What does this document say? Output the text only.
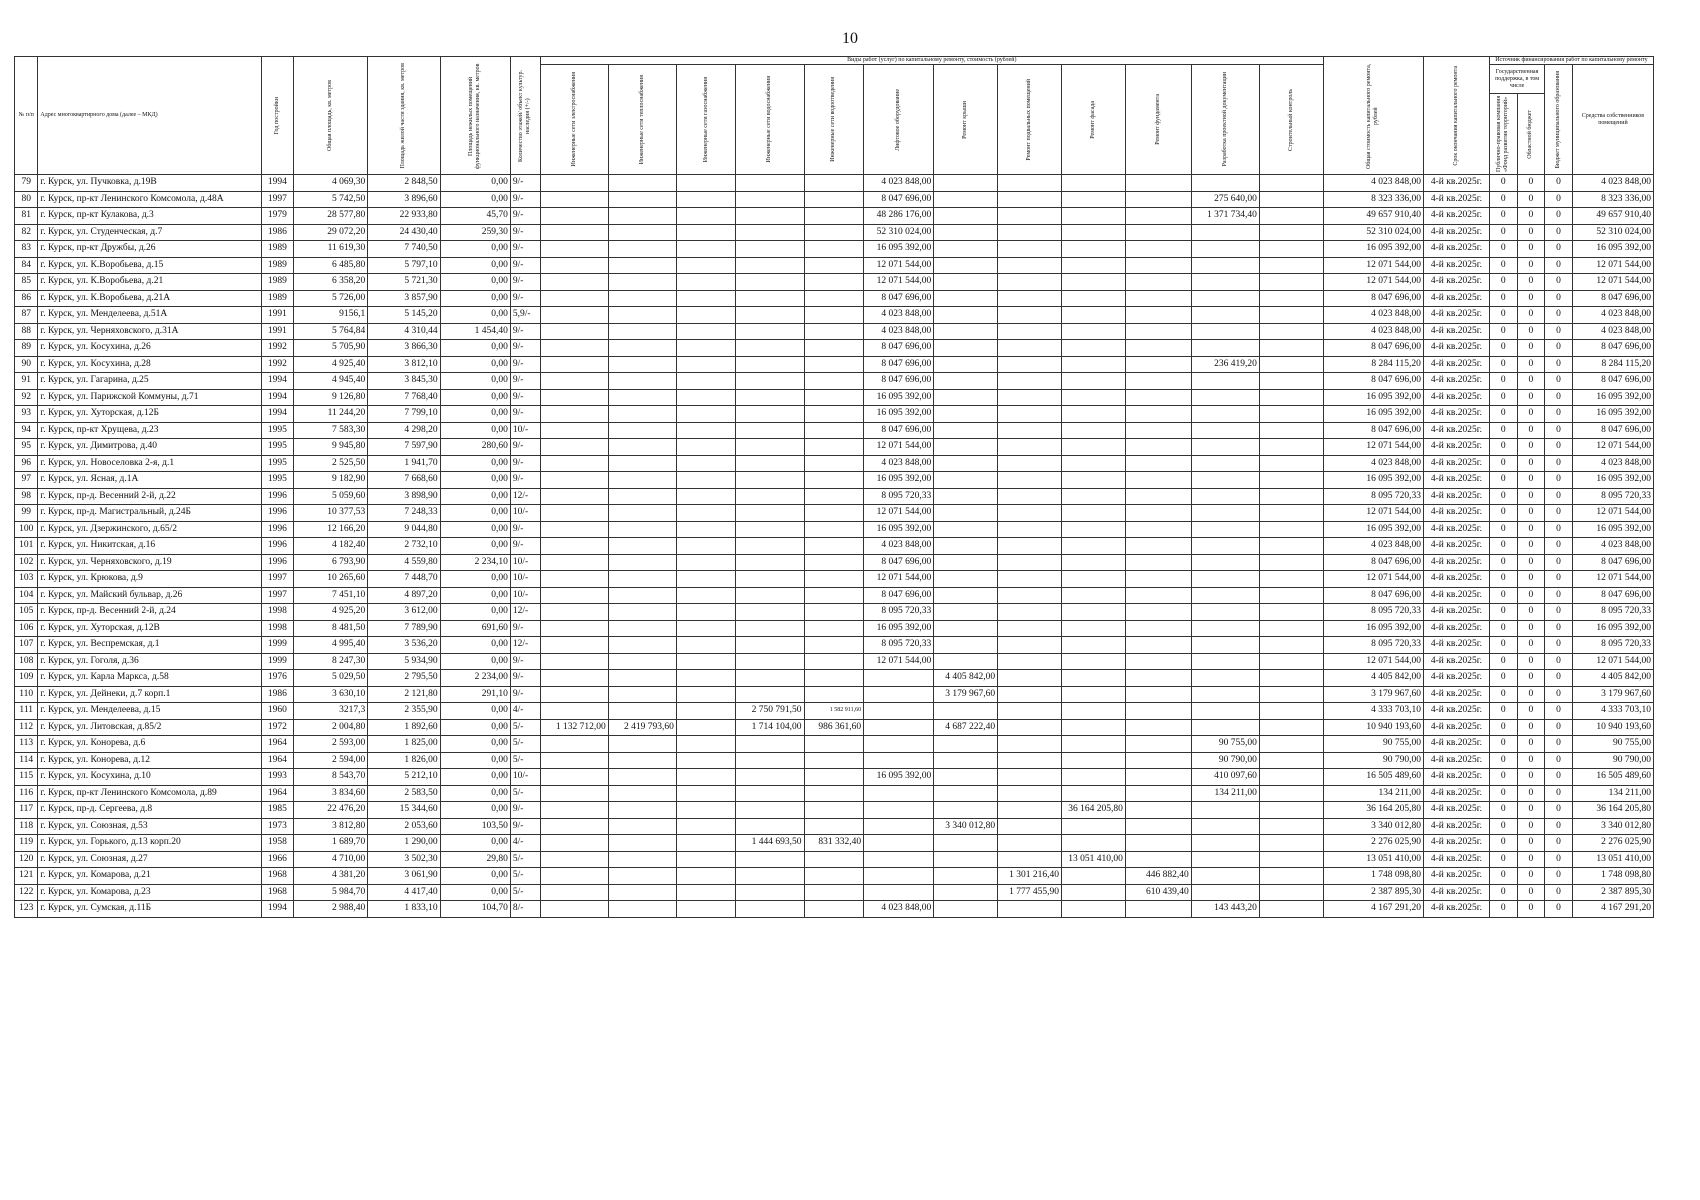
10
№ п/п	Адрес многоквартирного дома (далее – МКД)	Год постройки	Общая площадь, кв. метров	Площадь жилой части здания, кв. метров	Площадь нежилых помещений функционального назначения, кв. метров	Количество этажей/ объект культур. наследия (+/-)	Виды работ (услуг) по капитальному ремонту, стоимость (рублей)												Общая стоимость капитального ремонта, рублей	Срок окончания капитального ремонта	Источник финансирования работ по капитальному ремонту			

							Инженерные сети электроснабжения	Инженерные сети теплоснабжения	Инженерные сети газоснабжения	Инженерные сети водоснабжения	Инженерные сети водоотведения	Лифтовое оборудование	Ремонт крыши	Ремонт подвальных помещений	Ремонт фасада	Ремонт фундамента	Разработка проектной документации	Строительный контроль			Государственная поддержка, в том числе		Бюджет муниципального образования	Средства собственников помещений

																					Публично-правовая компания «Фонд развития территорий»	Областной бюджет		

79	г. Курск, ул. Пучковка, д.19В	1994	4 069,30	2 848,50	0,00	9/-						4 023 848,00							4 023 848,00	4-й кв.2025г.	0	0	0	4 023 848,00
80	г. Курск, пр-кт Ленинского Комсомола, д.48А	1997	5 742,50	3 896,60	0,00	9/-						8 047 696,00					275 640,00		8 323 336,00	4-й кв.2025г.	0	0	0	8 323 336,00
81	г. Курск, пр-кт Кулакова, д.3	1979	28 577,80	22 933,80	45,70	9/-						48 286 176,00					1 371 734,40		49 657 910,40	4-й кв.2025г.	0	0	0	49 657 910,40
82	г. Курск, ул. Студенческая, д.7	1986	29 072,20	24 430,40	259,30	9/-						52 310 024,00							52 310 024,00	4-й кв.2025г.	0	0	0	52 310 024,00
83	г. Курск, пр-кт Дружбы, д.26	1989	11 619,30	7 740,50	0,00	9/-						16 095 392,00							16 095 392,00	4-й кв.2025г.	0	0	0	16 095 392,00
84	г. Курск, ул. К.Воробьева, д.15	1989	6 485,80	5 797,10	0,00	9/-						12 071 544,00							12 071 544,00	4-й кв.2025г.	0	0	0	12 071 544,00
85	г. Курск, ул. К.Воробьева, д.21	1989	6 358,20	5 721,30	0,00	9/-						12 071 544,00							12 071 544,00	4-й кв.2025г.	0	0	0	12 071 544,00
86	г. Курск, ул. К.Воробьева, д.21А	1989	5 726,00	3 857,90	0,00	9/-						8 047 696,00							8 047 696,00	4-й кв.2025г.	0	0	0	8 047 696,00
87	г. Курск, ул. Менделеева, д.51А	1991	9156,1	5 145,20	0,00	5,9/-						4 023 848,00							4 023 848,00	4-й кв.2025г.	0	0	0	4 023 848,00
88	г. Курск, ул. Черняховского, д.31А	1991	5 764,84	4 310,44	1 454,40	9/-						4 023 848,00							4 023 848,00	4-й кв.2025г.	0	0	0	4 023 848,00
89	г. Курск, ул. Косухина, д.26	1992	5 705,90	3 866,30	0,00	9/-						8 047 696,00							8 047 696,00	4-й кв.2025г.	0	0	0	8 047 696,00
90	г. Курск, ул. Косухина, д.28	1992	4 925,40	3 812,10	0,00	9/-						8 047 696,00					236 419,20		8 284 115,20	4-й кв.2025г.	0	0	0	8 284 115,20
91	г. Курск, ул. Гагарина, д.25	1994	4 945,40	3 845,30	0,00	9/-						8 047 696,00							8 047 696,00	4-й кв.2025г.	0	0	0	8 047 696,00
92	г. Курск, ул. Парижской Коммуны, д.71	1994	9 126,80	7 768,40	0,00	9/-						16 095 392,00							16 095 392,00	4-й кв.2025г.	0	0	0	16 095 392,00
93	г. Курск, ул. Хуторская, д.12Б	1994	11 244,20	7 799,10	0,00	9/-						16 095 392,00							16 095 392,00	4-й кв.2025г.	0	0	0	16 095 392,00
94	г. Курск, пр-кт Хрущева, д.23	1995	7 583,30	4 298,20	0,00	10/-						8 047 696,00							8 047 696,00	4-й кв.2025г.	0	0	0	8 047 696,00
95	г. Курск, ул. Димитрова, д.40	1995	9 945,80	7 597,90	280,60	9/-						12 071 544,00							12 071 544,00	4-й кв.2025г.	0	0	0	12 071 544,00
96	г. Курск, ул. Новоселовка 2-я, д.1	1995	2 525,50	1 941,70	0,00	9/-						4 023 848,00							4 023 848,00	4-й кв.2025г.	0	0	0	4 023 848,00
97	г. Курск, ул. Ясная, д.1А	1995	9 182,90	7 668,60	0,00	9/-						16 095 392,00							16 095 392,00	4-й кв.2025г.	0	0	0	16 095 392,00
98	г. Курск, пр-д. Весенний 2-й, д.22	1996	5 059,60	3 898,90	0,00	12/-						8 095 720,33							8 095 720,33	4-й кв.2025г.	0	0	0	8 095 720,33
99	г. Курск, пр-д. Магистральный, д.24Б	1996	10 377,53	7 248,33	0,00	10/-						12 071 544,00							12 071 544,00	4-й кв.2025г.	0	0	0	12 071 544,00
100	г. Курск, ул. Дзержинского, д.65/2	1996	12 166,20	9 044,80	0,00	9/-						16 095 392,00							16 095 392,00	4-й кв.2025г.	0	0	0	16 095 392,00
101	г. Курск, ул. Никитская, д.16	1996	4 182,40	2 732,10	0,00	9/-						4 023 848,00							4 023 848,00	4-й кв.2025г.	0	0	0	4 023 848,00
102	г. Курск, ул. Черняховского, д.19	1996	6 793,90	4 559,80	2 234,10	10/-						8 047 696,00							8 047 696,00	4-й кв.2025г.	0	0	0	8 047 696,00
103	г. Курск, ул. Крюкова, д.9	1997	10 265,60	7 448,70	0,00	10/-						12 071 544,00							12 071 544,00	4-й кв.2025г.	0	0	0	12 071 544,00
104	г. Курск, ул. Майский бульвар, д.26	1997	7 451,10	4 897,20	0,00	10/-						8 047 696,00							8 047 696,00	4-й кв.2025г.	0	0	0	8 047 696,00
105	г. Курск, пр-д. Весенний 2-й, д.24	1998	4 925,20	3 612,00	0,00	12/-						8 095 720,33							8 095 720,33	4-й кв.2025г.	0	0	0	8 095 720,33
106	г. Курск, ул. Хуторская, д.12В	1998	8 481,50	7 789,90	691,60	9/-						16 095 392,00							16 095 392,00	4-й кв.2025г.	0	0	0	16 095 392,00
107	г. Курск, ул. Веспремская, д.1	1999	4 995,40	3 536,20	0,00	12/-						8 095 720,33							8 095 720,33	4-й кв.2025г.	0	0	0	8 095 720,33
108	г. Курск, ул. Гоголя, д.36	1999	8 247,30	5 934,90	0,00	9/-						12 071 544,00							12 071 544,00	4-й кв.2025г.	0	0	0	12 071 544,00
109	г. Курск, ул. Карла Маркса, д.58	1976	5 029,50	2 795,50	2 234,00	9/-							4 405 842,00						4 405 842,00	4-й кв.2025г.	0	0	0	4 405 842,00
110	г. Курск, ул. Дейнеки, д.7 корп.1	1986	3 630,10	2 121,80	291,10	9/-							3 179 967,60						3 179 967,60	4-й кв.2025г.	0	0	0	3 179 967,60
111	г. Курск, ул. Менделеева, д.15	1960	3217,3	2 355,90	0,00	4/-				2 750 791,50	1 582 911,60								4 333 703,10	4-й кв.2025г.	0	0	0	4 333 703,10
112	г. Курск, ул. Литовская, д.85/2	1972	2 004,80	1 892,60	0,00	5/-	1 132 712,00	2 419 793,60		1 714 104,00	986 361,60		4 687 222,40						10 940 193,60	4-й кв.2025г.	0	0	0	10 940 193,60
113	г. Курск, ул. Конорева, д.6	1964	2 593,00	1 825,00	0,00	5/-											90 755,00		90 755,00	4-й кв.2025г.	0	0	0	90 755,00
114	г. Курск, ул. Конорева, д.12	1964	2 594,00	1 826,00	0,00	5/-											90 790,00		90 790,00	4-й кв.2025г.	0	0	0	90 790,00
115	г. Курск, ул. Косухина, д.10	1993	8 543,70	5 212,10	0,00	10/-						16 095 392,00					410 097,60		16 505 489,60	4-й кв.2025г.	0	0	0	16 505 489,60
116	г. Курск, пр-кт Ленинского Комсомола, д.89	1964	3 834,60	2 583,50	0,00	5/-											134 211,00		134 211,00	4-й кв.2025г.	0	0	0	134 211,00
117	г. Курск, пр-д. Сергеева, д.8	1985	22 476,20	15 344,60	0,00	9/-									36 164 205,80				36 164 205,80	4-й кв.2025г.	0	0	0	36 164 205,80
118	г. Курск, ул. Союзная, д.53	1973	3 812,80	2 053,60	103,50	9/-							3 340 012,80						3 340 012,80	4-й кв.2025г.	0	0	0	3 340 012,80
119	г. Курск, ул. Горького, д.13 корп.20	1958	1 689,70	1 290,00	0,00	4/-				1 444 693,50	831 332,40								2 276 025,90	4-й кв.2025г.	0	0	0	2 276 025,90
120	г. Курск, ул. Союзная, д.27	1966	4 710,00	3 502,30	29,80	5/-									13 051 410,00				13 051 410,00	4-й кв.2025г.	0	0	0	13 051 410,00
121	г. Курск, ул. Комарова, д.21	1968	4 381,20	3 061,90	0,00	5/-								1 301 216,40		446 882,40			1 748 098,80	4-й кв.2025г.	0	0	0	1 748 098,80
122	г. Курск, ул. Комарова, д.23	1968	5 984,70	4 417,40	0,00	5/-								1 777 455,90		610 439,40			2 387 895,30	4-й кв.2025г.	0	0	0	2 387 895,30
123	г. Курск, ул. Сумская, д.11Б	1994	2 988,40	1 833,10	104,70	8/-						4 023 848,00					143 443,20		4 167 291,20	4-й кв.2025г.	0	0	0	4 167 291,20
